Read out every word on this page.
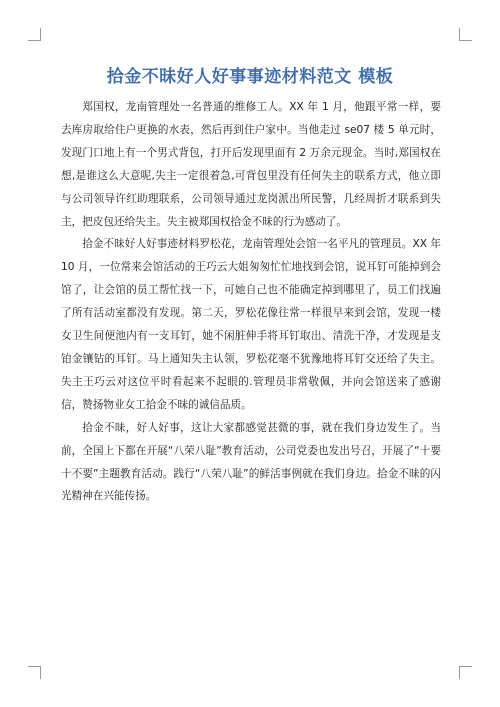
拾金不昧好人好事事迹材料范文 模板

郑国权，龙南管理处一名普通的维修工人。XX 年 1 月，他跟平常一样，要去库房取给住户更换的水表，然后再到住户家中。当他走过 se07 楼 5 单元时，发现门口地上有一个男式背包，打开后发现里面有 2 万余元现金。当时,郑国权在想,是谁这么大意呢,失主一定很着急,可背包里没有任何失主的联系方式，他立即与公司领导许红助理联系，公司领导通过龙岗派出所民警，几经周折才联系到失主，把皮包还给失主。失主被郑国权拾金不昧的行为感动了。

拾金不昧好人好事迹材料罗松花，龙南管理处会馆一名平凡的管理员。XX 年 10 月，一位常来会馆活动的王巧云大姐匆匆忙忙地找到会馆，说耳钉可能掉到会馆了，让会馆的员工帮忙找一下，可她自己也不能确定掉到哪里了，员工们找遍了所有活动室都没有发现。第二天，罗松花像往常一样很早来到会馆，发现一楼女卫生间便池内有一支耳钉，她不闲脏伸手将耳钉取出、清洗干净，才发现是支铂金镶钻的耳钉。马上通知失主认领，罗松花毫不犹豫地将耳钉交还给了失主。失主王巧云对这位平时看起来不起眼的.管理员非常敬佩，并向会馆送来了感谢信，赞扬物业女工拾金不昧的诚信品质。

拾金不昧，好人好事，这让大家都感觉甚微的事，就在我们身边发生了。当前，全国上下都在开展“八荣八耻”教育活动，公司党委也发出号召，开展了“十要十不要”主题教育活动。践行“八荣八耻”的鲜活事例就在我们身边。拾金不昧的闪光精神在兴能传扬。
